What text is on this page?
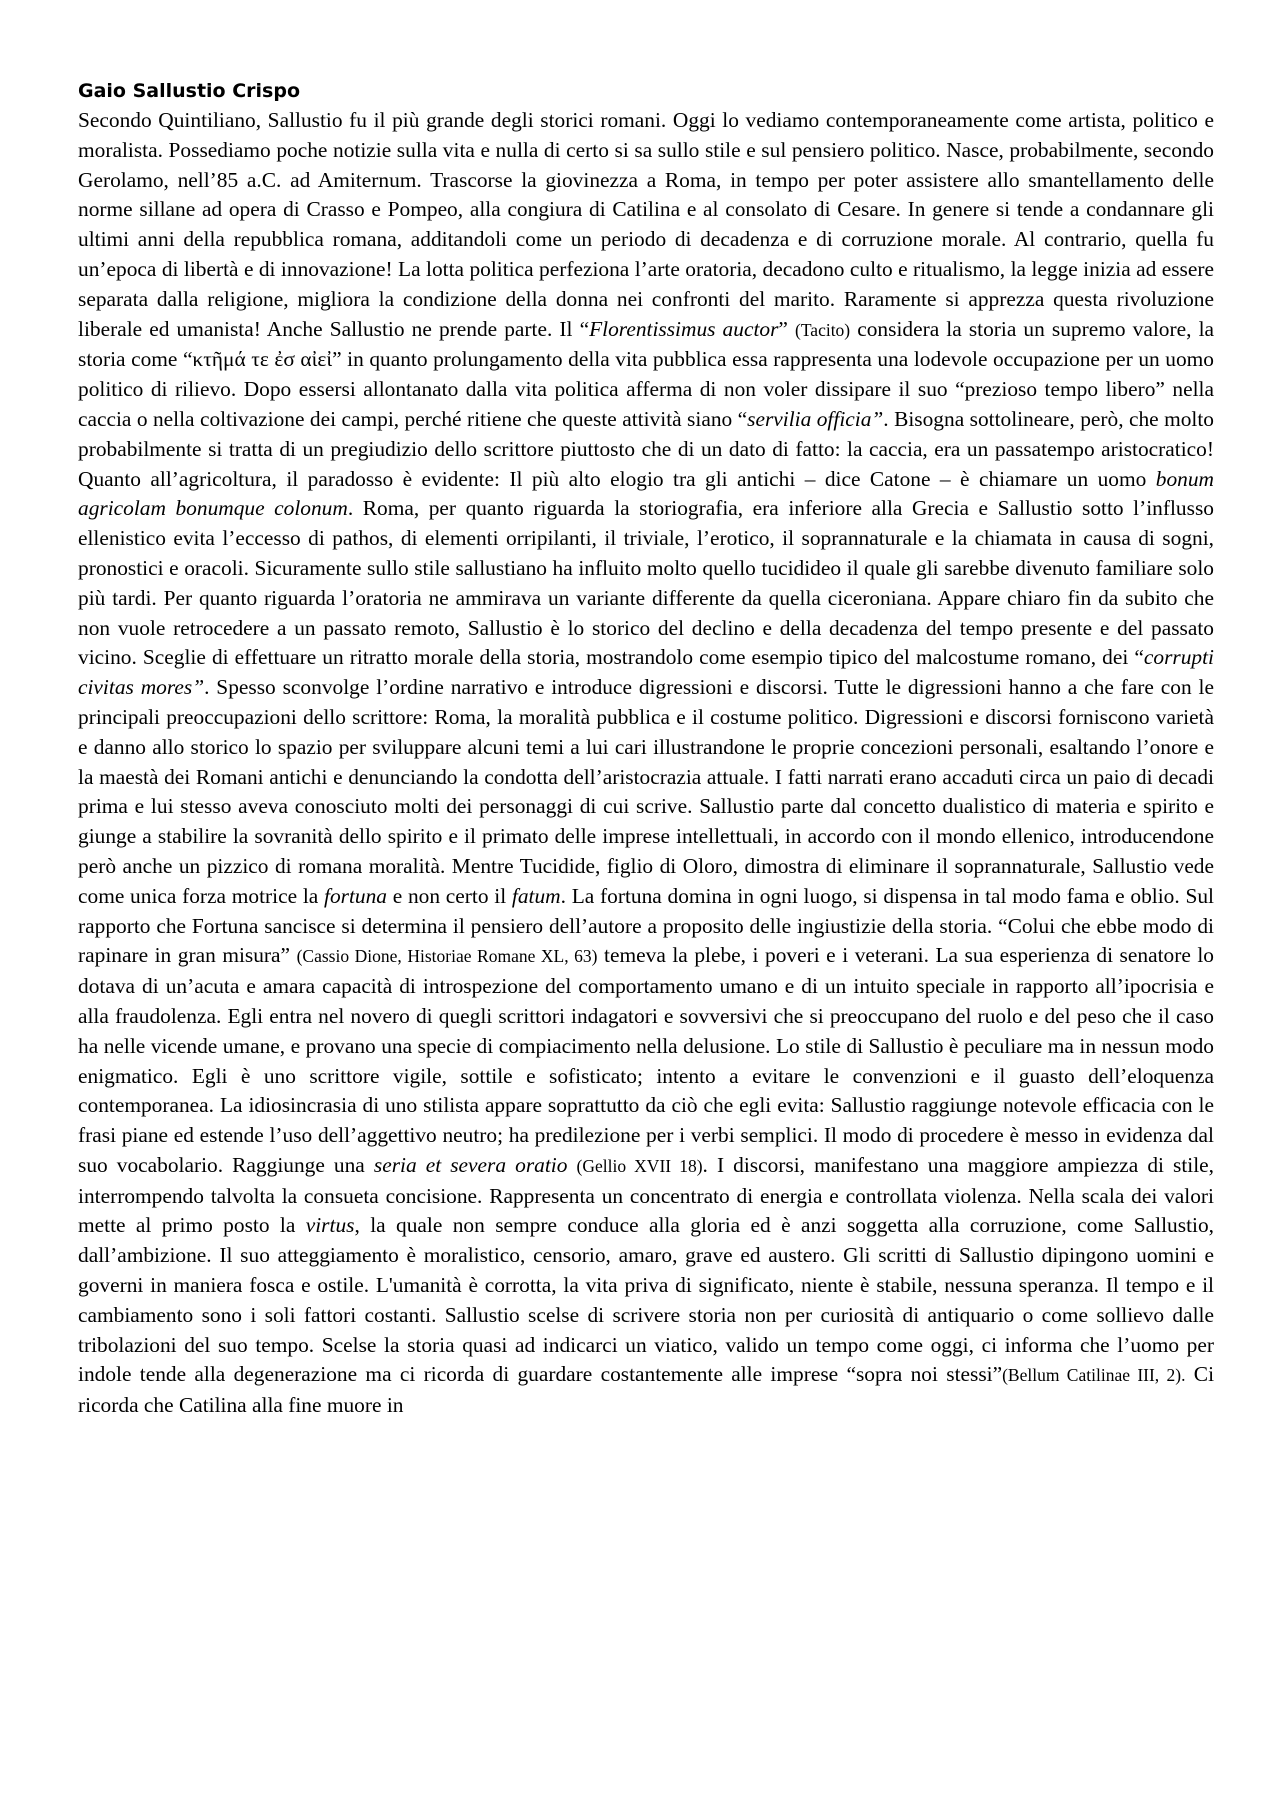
Gaio Sallustio Crispo

Secondo Quintiliano, Sallustio fu il più grande degli storici romani. Oggi lo vediamo contemporaneamente come artista, politico e moralista. Possediamo poche notizie sulla vita e nulla di certo si sa sullo stile e sul pensiero politico. Nasce, probabilmente, secondo Gerolamo, nell’85 a.C. ad Amiternum. Trascorse la giovinezza a Roma, in tempo per poter assistere allo smantellamento delle norme sillane ad opera di Crasso e Pompeo, alla congiura di Catilina e al consolato di Cesare. In genere si tende a condannare gli ultimi anni della repubblica romana, additandoli come un periodo di decadenza e di corruzione morale. Al contrario, quella fu un’epoca di libertà e di innovazione! La lotta politica perfeziona l’arte oratoria, decadono culto e ritualismo, la legge inizia ad essere separata dalla religione, migliora la condizione della donna nei confronti del marito. Raramente si apprezza questa rivoluzione liberale ed umanista! Anche Sallustio ne prende parte. Il “Florentissimus auctor” (Tacito) considera la storia un supremo valore, la storia come “κτῆμά τε ἐσ αἰεἰ” in quanto prolungamento della vita pubblica essa rappresenta una lodevole occupazione per un uomo politico di rilievo. Dopo essersi allontanato dalla vita politica afferma di non voler dissipare il suo “prezioso tempo libero” nella caccia o nella coltivazione dei campi, perché ritiene che queste attività siano “servilia officia”. Bisogna sottolineare, però, che molto probabilmente si tratta di un pregiudizio dello scrittore piuttosto che di un dato di fatto: la caccia, era un passatempo aristocratico! Quanto all’agricoltura, il paradosso è evidente: Il più alto elogio tra gli antichi – dice Catone – è chiamare un uomo bonum agricolam bonumque colonum. Roma, per quanto riguarda la storiografia, era inferiore alla Grecia e Sallustio sotto l’influsso ellenistico evita l’eccesso di pathos, di elementi orripilanti, il triviale, l’erotico, il soprannaturale e la chiamata in causa di sogni, pronostici e oracoli. Sicuramente sullo stile sallustiano ha influito molto quello tucidideo il quale gli sarebbe divenuto familiare solo più tardi. Per quanto riguarda l’oratoria ne ammirava un variante differente da quella ciceroniana. Appare chiaro fin da subito che non vuole retrocedere a un passato remoto, Sallustio è lo storico del declino e della decadenza del tempo presente e del passato vicino. Sceglie di effettuare un ritratto morale della storia, mostrandolo come esempio tipico del malcostume romano, dei “corrupti civitas mores”. Spesso sconvolge l’ordine narrativo e introduce digressioni e discorsi. Tutte le digressioni hanno a che fare con le principali preoccupazioni dello scrittore: Roma, la moralità pubblica e il costume politico. Digressioni e discorsi forniscono varietà e danno allo storico lo spazio per sviluppare alcuni temi a lui cari illustrandone le proprie concezioni personali, esaltando l’onore e la maestà dei Romani antichi e denunciando la condotta dell’aristocrazia attuale. I fatti narrati erano accaduti circa un paio di decadi prima e lui stesso aveva conosciuto molti dei personaggi di cui scrive. Sallustio parte dal concetto dualistico di materia e spirito e giunge a stabilire la sovranità dello spirito e il primato delle imprese intellettuali, in accordo con il mondo ellenico, introducendone però anche un pizzico di romana moralità. Mentre Tucidide, figlio di Oloro, dimostra di eliminare il soprannaturale, Sallustio vede come unica forza motrice la fortuna e non certo il fatum. La fortuna domina in ogni luogo, si dispensa in tal modo fama e oblio. Sul rapporto che Fortuna sancisce si determina il pensiero dell’autore a proposito delle ingiustizie della storia. “Colui che ebbe modo di rapinare in gran misura” (Cassio Dione, Historiae Romane XL, 63) temeva la plebe, i poveri e i veterani. La sua esperienza di senatore lo dotava di un’acuta e amara capacità di introspezione del comportamento umano e di un intuito speciale in rapporto all’ipocrisia e alla fraudolenza. Egli entra nel novero di quegli scrittori indagatori e sovversivi che si preoccupano del ruolo e del peso che il caso ha nelle vicende umane, e provano una specie di compiacimento nella delusione. Lo stile di Sallustio è peculiare ma in nessun modo enigmatico. Egli è uno scrittore vigile, sottile e sofisticato; intento a evitare le convenzioni e il guasto dell’eloquenza contemporanea. La idiosincrasia di uno stilista appare soprattutto da ciò che egli evita: Sallustio raggiunge notevole efficacia con le frasi piane ed estende l’uso dell’aggettivo neutro; ha predilezione per i verbi semplici. Il modo di procedere è messo in evidenza dal suo vocabolario. Raggiunge una seria et severa oratio (Gellio XVII 18). I discorsi, manifestano una maggiore ampiezza di stile, interrompendo talvolta la consueta concisione. Rappresenta un concentrato di energia e controllata violenza. Nella scala dei valori mette al primo posto la virtus, la quale non sempre conduce alla gloria ed è anzi soggetta alla corruzione, come Sallustio, dall’ambizione. Il suo atteggiamento è moralistico, censorio, amaro, grave ed austero. Gli scritti di Sallustio dipingono uomini e governi in maniera fosca e ostile. L'umanità è corrotta, la vita priva di significato, niente è stabile, nessuna speranza. Il tempo e il cambiamento sono i soli fattori costanti. Sallustio scelse di scrivere storia non per curiosità di antiquario o come sollievo dalle tribolazioni del suo tempo. Scelse la storia quasi ad indicarci un viatico, valido un tempo come oggi, ci informa che l’uomo per indole tende alla degenerazione ma ci ricorda di guardare costantemente alle imprese “sopra noi stessi”(Bellum Catilinae III, 2). Ci ricorda che Catilina alla fine muore in
